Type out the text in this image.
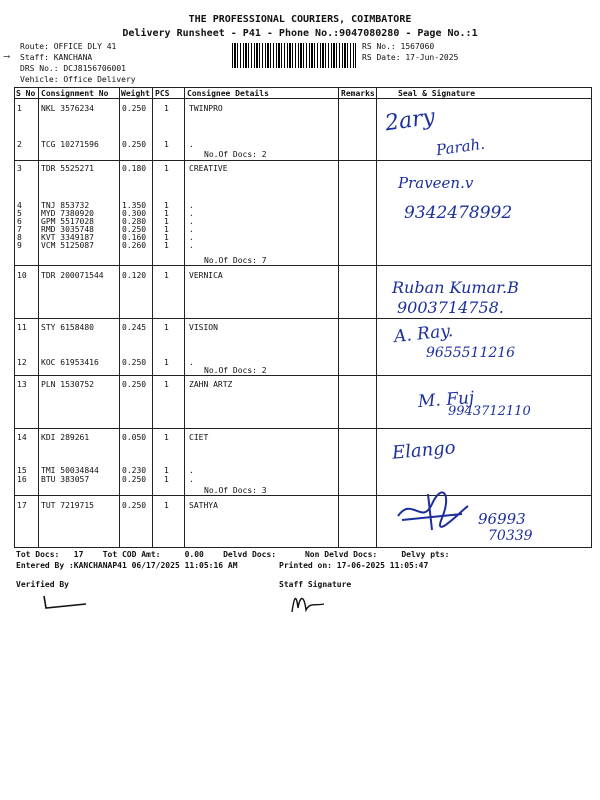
THE PROFESSIONAL COURIERS, COIMBATORE
Delivery Runsheet - P41 - Phone No.:9047080280 - Page No.:1
Route: OFFICE DLY 41
Staff: KANCHANA
DRS No.: DCJ8156706001
Vehicle: Office Delivery
⟶
RS No.: 1567060
RS Date: 17-Jun-2025
S No Consignment No Weight PCS Consignee Details	Remarks	Seal & Signature
1 NKL 3576234	0.250 1	TWINPRO
2 TCG 10271596	0.250 1	.
3 TDR 5525271	0.180 1	CREATIVE
4 TNJ 853732	1.350 1	.
5 MYD 7380920	0.300 1	.
6 GPM 5517028	0.280 1	.
7 RMD 3035748	0.250 1	.
8 KVT 3349187	0.160 1	.
9 VCM 5125087	0.260 1	.
10 TDR 200071544 0.120 1	VERNICA
11 STY 6158480	0.245 1	VISION
12 KOC 61953416	0.250 1	.
13 PLN 1530752	0.250 1	ZAHN ARTZ
14 KDI 289261	0.050 1	CIET
15 TMI 50034844	0.230 1	.
16 BTU 383057	0.250 1	.
17 TUT 7219715	0.250 1	SATHYA
No.Of Docs: 2
No.Of Docs: 7
No.Of Docs: 2
No.Of Docs: 3
2ary
Parah.
Praveen.v
9342478992
Ruban Kumar.B
9003714758.
A. Ray.
9655511216
M. Fuj
9943712110
Elango
96993
70339
Tot Docs:   17    Tot COD Amt:     0.00    Delvd Docs:      Non Delvd Docs:     Delvy pts:
Entered By :KANCHANAP41 06/17/2025 11:05:16 AM	Printed on: 17-06-2025 11:05:47
Verified By	Staff Signature
